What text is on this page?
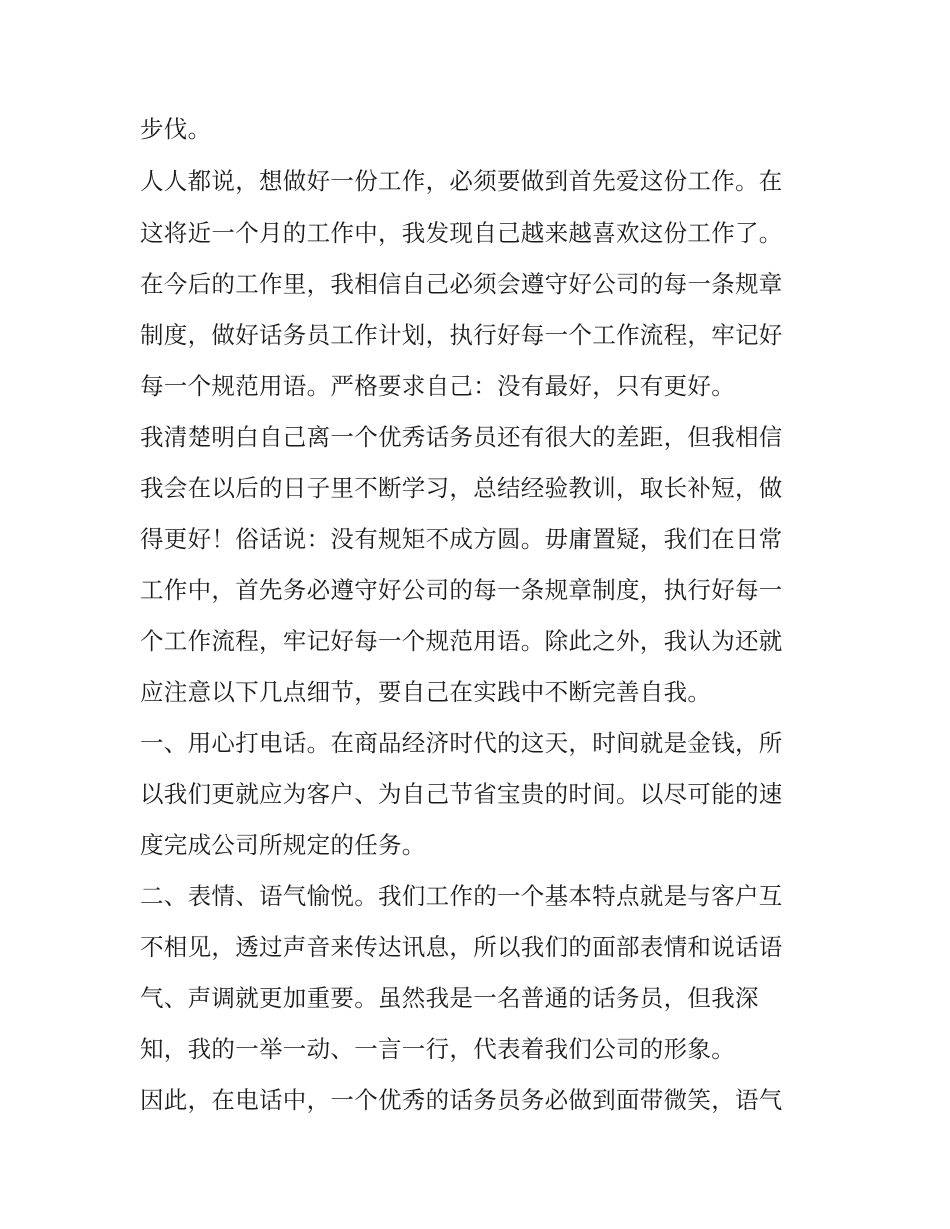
步伐。

人人都说，想做好一份工作，必须要做到首先爱这份工作。在

这将近一个月的工作中，我发现自己越来越喜欢这份工作了。

在今后的工作里，我相信自己必须会遵守好公司的每一条规章

制度，做好话务员工作计划，执行好每一个工作流程，牢记好

每一个规范用语。严格要求自己：没有最好，只有更好。

我清楚明白自己离一个优秀话务员还有很大的差距，但我相信

我会在以后的日子里不断学习，总结经验教训，取长补短，做

得更好！俗话说：没有规矩不成方圆。毋庸置疑，我们在日常

工作中，首先务必遵守好公司的每一条规章制度，执行好每一

个工作流程，牢记好每一个规范用语。除此之外，我认为还就

应注意以下几点细节，要自己在实践中不断完善自我。

一、用心打电话。在商品经济时代的这天，时间就是金钱，所

以我们更就应为客户、为自己节省宝贵的时间。以尽可能的速

度完成公司所规定的任务。

二、表情、语气愉悦。我们工作的一个基本特点就是与客户互

不相见，透过声音来传达讯息，所以我们的面部表情和说话语

气、声调就更加重要。虽然我是一名普通的话务员，但我深

知，我的一举一动、一言一行，代表着我们公司的形象。

因此，在电话中，一个优秀的话务员务必做到面带微笑，语气
